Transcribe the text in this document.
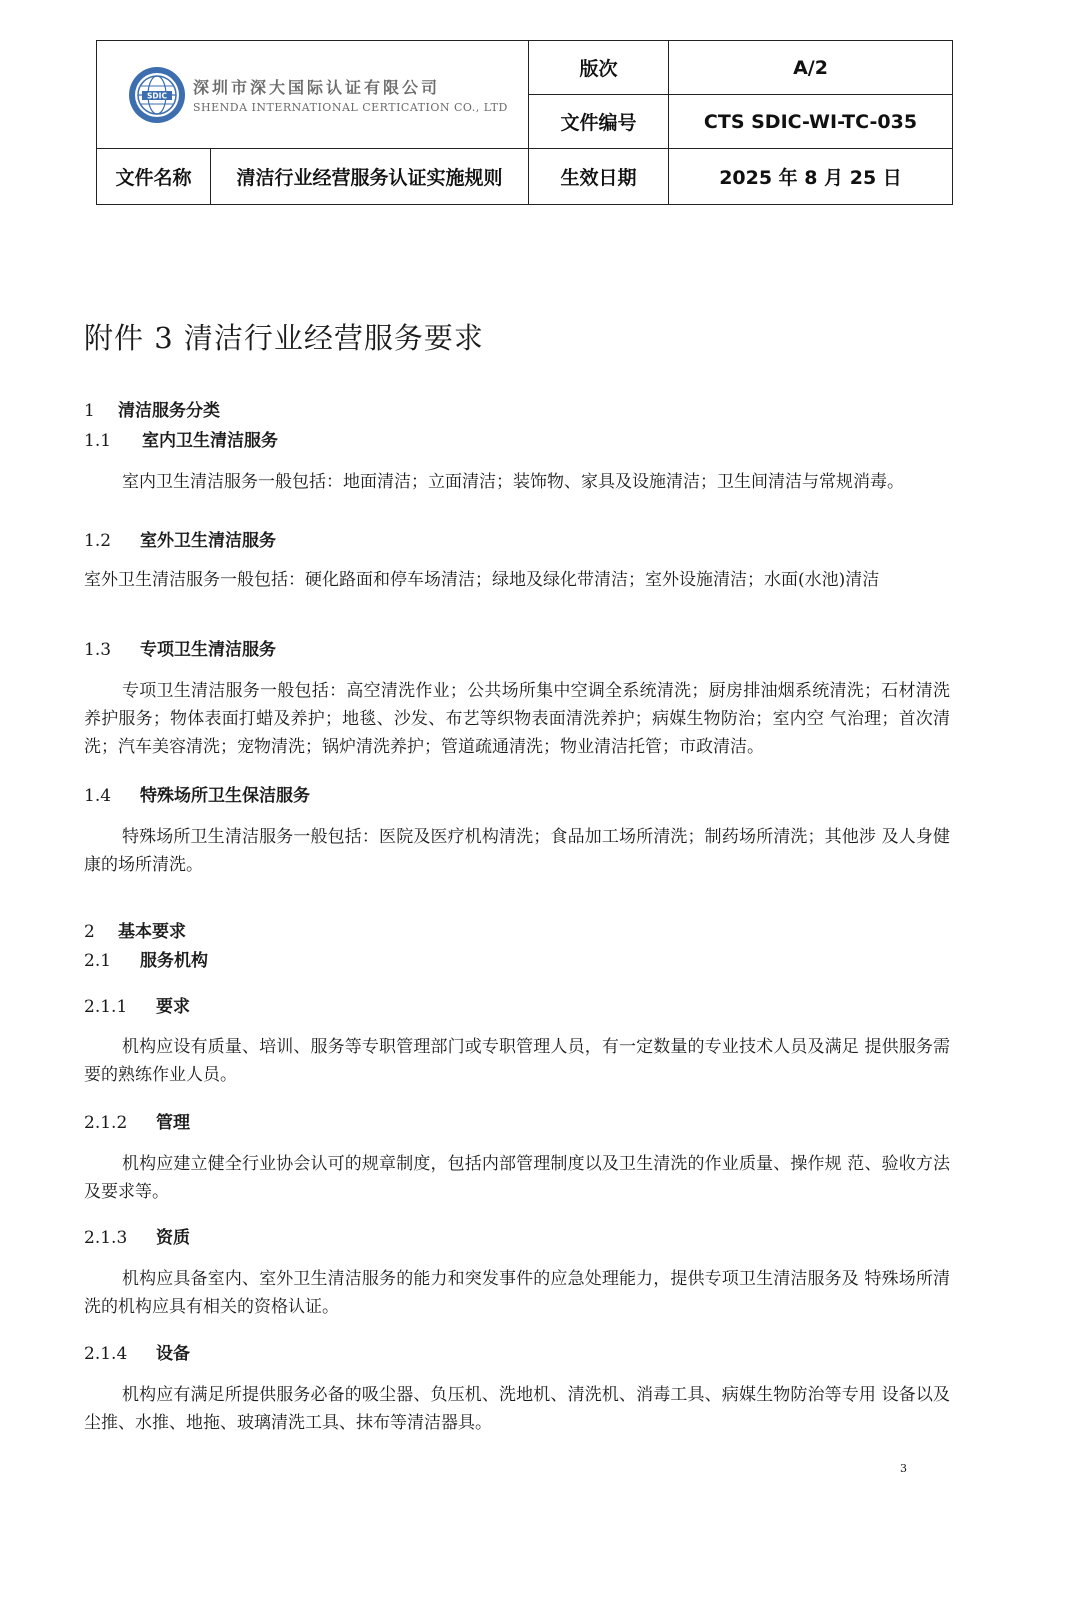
SDIC 深圳市深大国际认证有限公司
SHENDA INTERNATIONAL CERTICATION CO., LTD		版次	A/2
		文件编号	CTS SDIC-WI-TC-035
文件名称	清洁行业经营服务认证实施规则	生效日期	2025 年 8 月 25 日
附件 3 清洁行业经营服务要求
1 清洁服务分类
1.1 室内卫生清洁服务
室内卫生清洁服务一般包括：地面清洁；立面清洁；装饰物、家具及设施清洁；卫生间清洁与常规消毒。
1.2 室外卫生清洁服务
室外卫生清洁服务一般包括：硬化路面和停车场清洁；绿地及绿化带清洁；室外设施清洁；水面(水池)清洁
1.3 专项卫生清洁服务
专项卫生清洁服务一般包括：高空清洗作业；公共场所集中空调全系统清洗；厨房排油烟系统清洗；石材清洗养护服务；物体表面打蜡及养护；地毯、沙发、布艺等织物表面清洗养护；病媒生物防治；室内空 气治理；首次清洗；汽车美容清洗；宠物清洗；锅炉清洗养护；管道疏通清洗；物业清洁托管；市政清洁。
1.4 特殊场所卫生保洁服务
特殊场所卫生清洁服务一般包括：医院及医疗机构清洗；食品加工场所清洗；制药场所清洗；其他涉 及人身健康的场所清洗。
2 基本要求
2.1 服务机构
2.1.1 要求
机构应设有质量、培训、服务等专职管理部门或专职管理人员，有一定数量的专业技术人员及满足 提供服务需要的熟练作业人员。
2.1.2 管理
机构应建立健全行业协会认可的规章制度，包括内部管理制度以及卫生清洗的作业质量、操作规 范、验收方法及要求等。
2.1.3 资质
机构应具备室内、室外卫生清洁服务的能力和突发事件的应急处理能力，提供专项卫生清洁服务及 特殊场所清洗的机构应具有相关的资格认证。
2.1.4 设备
机构应有满足所提供服务必备的吸尘器、负压机、洗地机、清洗机、消毒工具、病媒生物防治等专用 设备以及尘推、水推、地拖、玻璃清洗工具、抹布等清洁器具。
3
